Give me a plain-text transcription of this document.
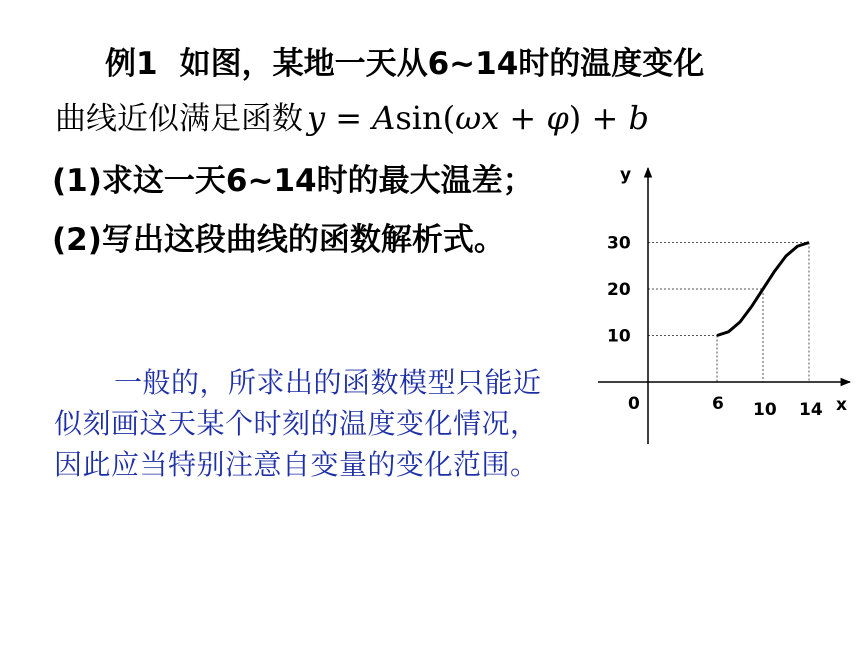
例1 如图，某地一天从6~14时的温度变化
曲线近似满足函数 y = Asin(ωx + φ) + b
(1)求这一天6~14时的最大温差；
(2)写出这段曲线的函数解析式。
一般的，所求出的函数模型只能近似刻画这天某个时刻的温度变化情况，因此应当特别注意自变量的变化范围。
10
20
30
6 10 14
0	x
y
